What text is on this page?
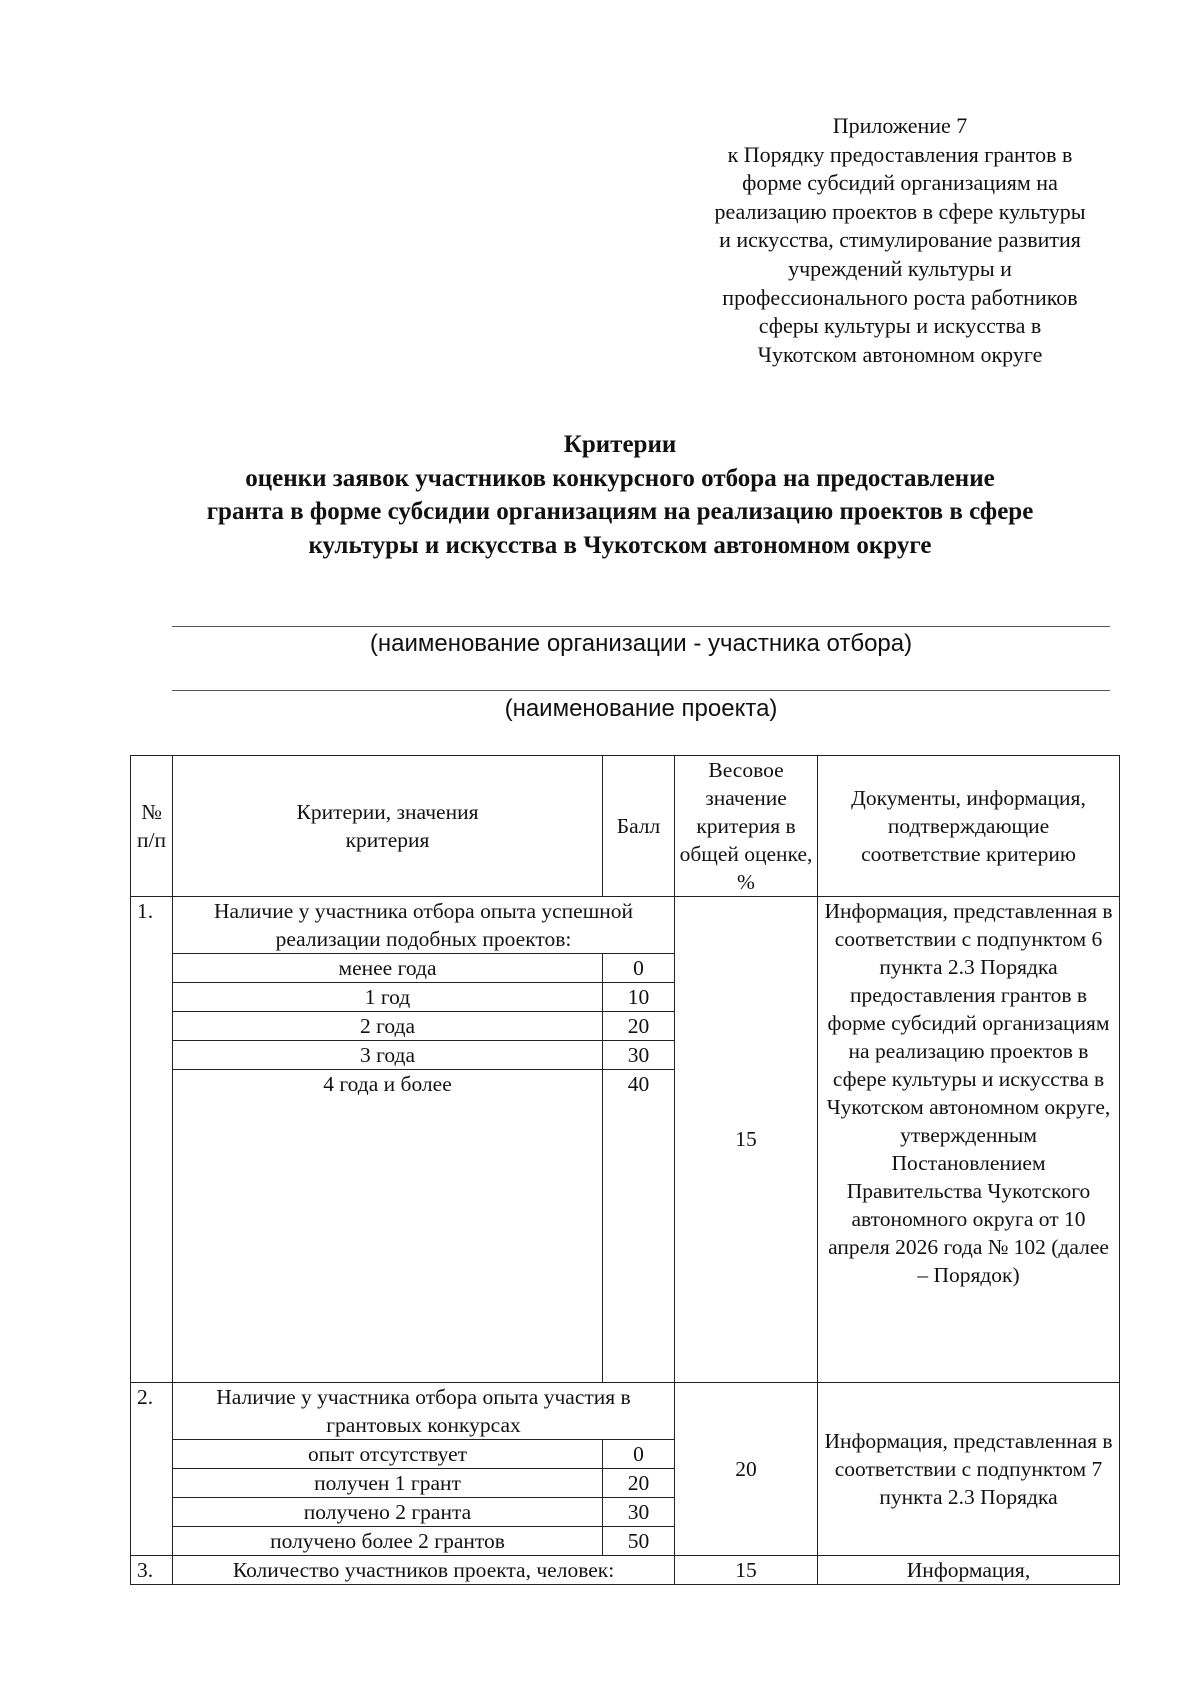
Приложение 7
к Порядку предоставления грантов в
форме субсидий организациям на
реализацию проектов в сфере культуры
и искусства, стимулирование развития
учреждений культуры и
профессионального роста работников
сферы культуры и искусства в
Чукотском автономном округе
Критерии
оценки заявок участников конкурсного отбора на предоставление
гранта в форме субсидии организациям на реализацию проектов в сфере
культуры и искусства в Чукотском автономном округе
(наименование организации - участника отбора)
(наименование проекта)
№ п/п	Критерии, значения критерия	Балл	Весовое значение критерия в общей оценке, %	Документы, информация, подтверждающие соответствие критерию
1.	Наличие у участника отбора опыта успешной реализации подобных проектов:		15	Информация, представленная в соответствии с подпунктом 6 пункта 2.3 Порядка предоставления грантов в форме субсидий организациям на реализацию проектов в сфере культуры и искусства в Чукотском автономном округе, утвержденным Постановлением Правительства Чукотского автономного округа от 10 апреля 2026 года № 102 (далее – Порядок)
	менее года	0		
	1 год	10		
	2 года	20		
	3 года	30		
	4 года и более	40		

2.	Наличие у участника отбора опыта участия в грантовых конкурсах		20	Информация, представленная в соответствии с подпунктом 7 пункта 2.3 Порядка
	опыт отсутствует	0		
	получен 1 грант	20		
	получено 2 гранта	30		
	получено более 2 грантов	50		
3.	Количество участников проекта, человек:		15	Информация,
